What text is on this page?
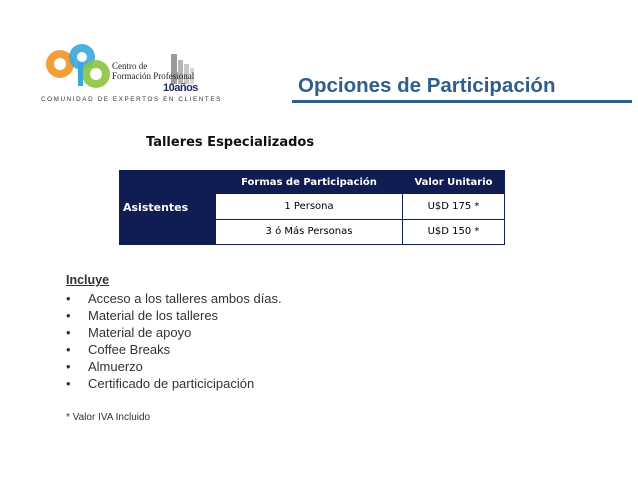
Centro de
Formación Profesional
10años
COMUNIDAD DE EXPERTOS EN CLIENTES
Opciones de Participación
Talleres Especializados
Asistentes	Formas de Participación	Valor Unitario
	1 Persona	U$D 175 *
	3 ó Más Personas	U$D 150 *
Incluye
• Acceso a los talleres ambos días.
• Material de los talleres
• Material de apoyo
• Coffee Breaks
• Almuerzo
• Certificado de particicipación
* Valor IVA Incluido
